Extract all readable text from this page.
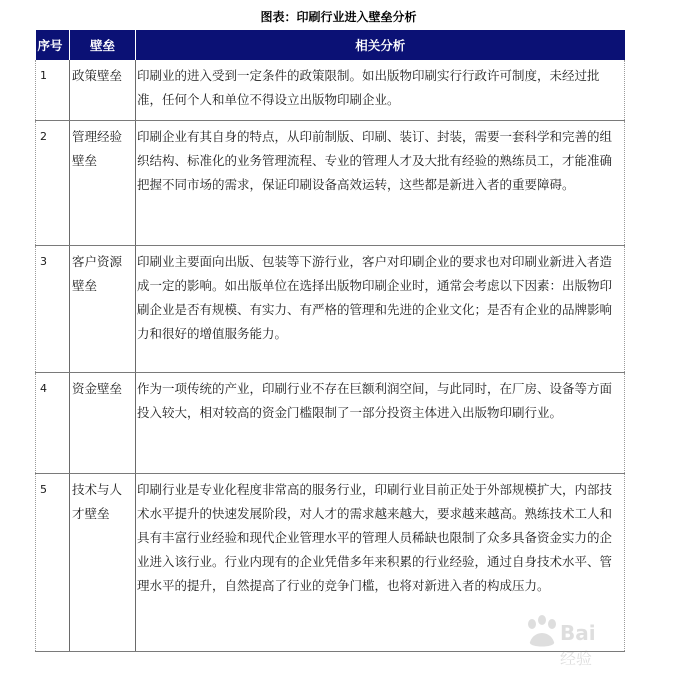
图表：印刷行业进入壁垒分析
序号	壁垒	相关分析
1	政策壁垒	印刷业的进入受到一定条件的政策限制。如出版物印刷实行行政许可制度，未经过批准，任何个人和单位不得设立出版物印刷企业。
2	管理经验壁垒	印刷企业有其自身的特点，从印前制版、印刷、装订、封装，需要一套科学和完善的组织结构、标准化的业务管理流程、专业的管理人才及大批有经验的熟练员工，才能准确把握不同市场的需求，保证印刷设备高效运转，这些都是新进入者的重要障碍。
3	客户资源壁垒	印刷业主要面向出版、包装等下游行业，客户对印刷企业的要求也对印刷业新进入者造成一定的影响。如出版单位在选择出版物印刷企业时，通常会考虑以下因素：出版物印刷企业是否有规模、有实力、有严格的管理和先进的企业文化；是否有企业的品牌影响力和很好的增值服务能力。
4	资金壁垒	作为一项传统的产业，印刷行业不存在巨额利润空间，与此同时，在厂房、设备等方面投入较大，相对较高的资金门槛限制了一部分投资主体进入出版物印刷行业。
5	技术与人才壁垒	印刷行业是专业化程度非常高的服务行业，印刷行业目前正处于外部规模扩大，内部技术水平提升的快速发展阶段，对人才的需求越来越大，要求越来越高。熟练技术工人和具有丰富行业经验和现代企业管理水平的管理人员稀缺也限制了众多具备资金实力的企业进入该行业。行业内现有的企业凭借多年来积累的行业经验，通过自身技术水平、管理水平的提升，自然提高了行业的竞争门槛，也将对新进入者的构成压力。
Bai
经验
